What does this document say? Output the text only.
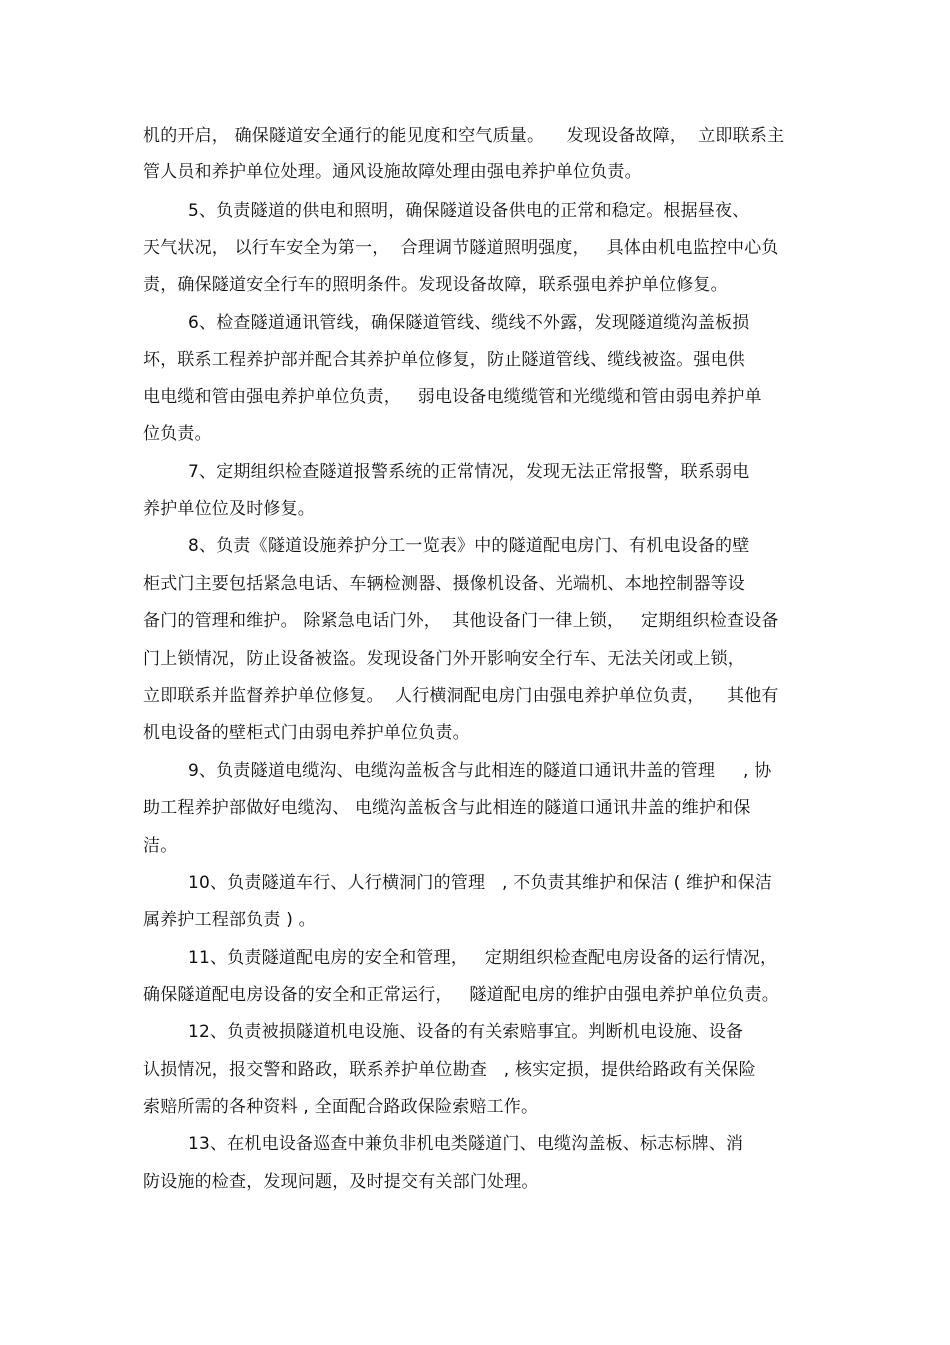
机的开启， 确保隧道安全通行的能见度和空气质量。    发现设备故障，  立即联系主
管人员和养护单位处理。通风设施故障处理由强电养护单位负责。
5、负责隧道的供电和照明，确保隧道设备供电的正常和稳定。根据昼夜、
天气状况， 以行车安全为第一，  合理调节隧道照明强度，   具体由机电监控中心负
责，确保隧道安全行车的照明条件。发现设备故障，联系强电养护单位修复。
6、检查隧道通讯管线，确保隧道管线、缆线不外露，发现隧道缆沟盖板损
坏，联系工程养护部并配合其养护单位修复，防止隧道管线、缆线被盗。强电供
电电缆和管由强电养护单位负责，   弱电设备电缆缆管和光缆缆和管由弱电养护单
位负责。
7、定期组织检查隧道报警系统的正常情况，发现无法正常报警，联系弱电
养护单位位及时修复。
8、负责《隧道设施养护分工一览表》中的隧道配电房门、有机电设备的壁
柜式门主要包括紧急电话、车辆检测器、摄像机设备、光端机、本地控制器等设
备门的管理和维护。 除紧急电话门外，  其他设备门一律上锁，   定期组织检查设备
门上锁情况，防止设备被盗。发现设备门外开影响安全行车、无法关闭或上锁，
立即联系并监督养护单位修复。  人行横洞配电房门由强电养护单位负责，    其他有
机电设备的壁柜式门由弱电养护单位负责。
9、负责隧道电缆沟、电缆沟盖板含与此相连的隧道口通讯井盖的管理     , 协
助工程养护部做好电缆沟、 电缆沟盖板含与此相连的隧道口通讯井盖的维护和保
洁。
10、负责隧道车行、人行横洞门的管理   , 不负责其维护和保洁 ( 维护和保洁
属养护工程部负责 ) 。
11、负责隧道配电房的安全和管理，   定期组织检查配电房设备的运行情况，
确保隧道配电房设备的安全和正常运行，   隧道配电房的维护由强电养护单位负责。
12、负责被损隧道机电设施、设备的有关索赔事宜。判断机电设施、设备
认损情况，报交警和路政，联系养护单位勘查   , 核实定损，提供给路政有关保险
索赔所需的各种资料 , 全面配合路政保险索赔工作。
13、在机电设备巡查中兼负非机电类隧道门、电缆沟盖板、标志标牌、消
防设施的检查，发现问题，及时提交有关部门处理。
